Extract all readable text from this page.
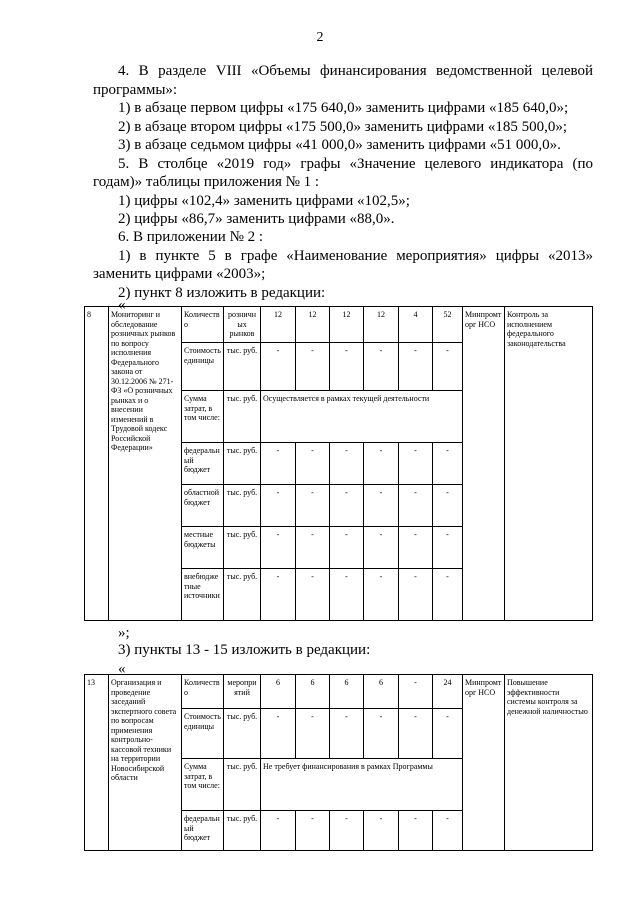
2
4. В разделе VIII «Объемы финансирования ведомственной целевой
программы»:
1) в абзаце первом цифры «175 640,0» заменить цифрами «185 640,0»;
2) в абзаце втором цифры «175 500,0» заменить цифрами «185 500,0»;
3) в абзаце седьмом цифры «41 000,0» заменить цифрами «51 000,0».
5. В столбце «2019 год» графы «Значение целевого индикатора (по
годам)» таблицы приложения № 1 :
1) цифры «102,4» заменить цифрами «102,5»;
2) цифры «86,7» заменить цифрами «88,0».
6. В приложении № 2 :
1) в пункте 5 в графе «Наименование мероприятия» цифры «2013»
заменить цифрами «2003»;
2) пункт 8 изложить в редакции:
«
8	Мониторинг и обследование розничных рынков по вопросу исполнения Федерального закона от 30.12.2006 № 271-ФЗ «О розничных рынках и о внесении изменений в Трудовой кодекс Российской Федерации»	Количество	розничных рынков	12	12	12	12	4	52	Минпромторг НСО	Контроль за исполнением федерального законодательства
		Стоимость единицы	тыс. руб.	-	-	-	-	-	-		
		Сумма затрат, в том числе:	тыс. руб.	Осуществляется в рамках текущей деятельности							
		федеральный бюджет	тыс. руб.	-	-	-	-	-	-		
		областной бюджет	тыс. руб.	-	-	-	-	-	-		
		местные бюджеты	тыс. руб.	-	-	-	-	-	-		
		внебюджетные источники	тыс. руб.	-	-	-	-	-	-		
»;
3) пункты 13 - 15 изложить в редакции:
«
13	Организация и проведение заседаний экспертного совета по вопросам применения контрольно-кассовой техники на территории Новосибирской области	Количество	мероприятий	6	6	6	6	-	24	Минпромторг НСО	Повышение эффективности системы контроля за денежной наличностью
		Стоимость единицы	тыс. руб.	-	-	-	-	-	-		
		Сумма затрат, в том числе:	тыс. руб.	Не требует финансирования в рамках Программы							
		федеральный бюджет	тыс. руб.	-	-	-	-	-	-		
